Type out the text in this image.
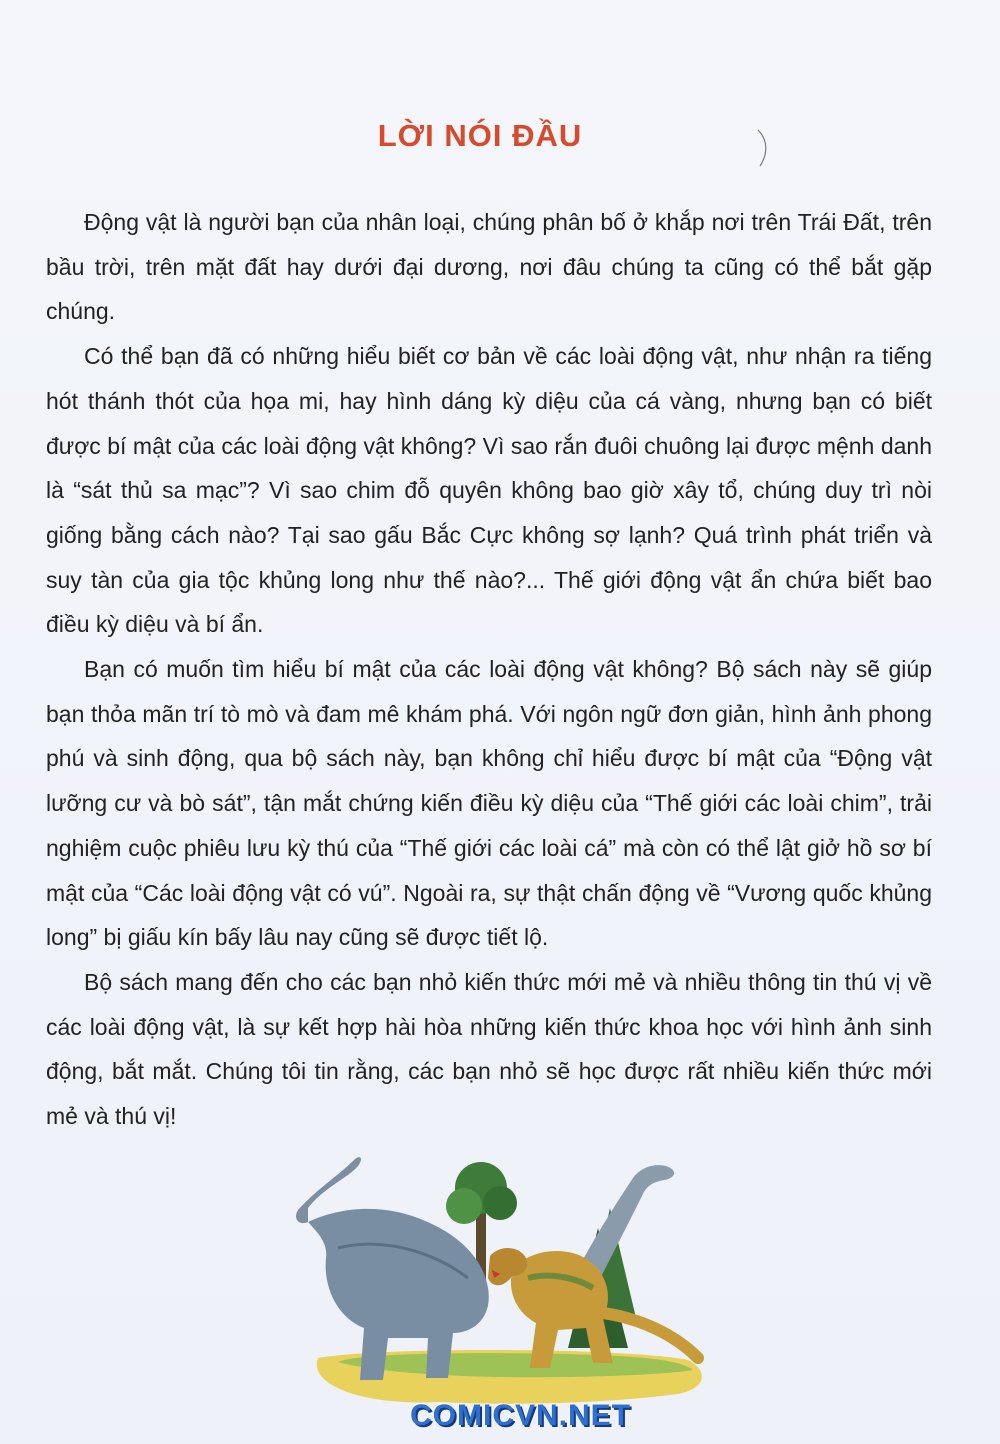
LỜI NÓI ĐẦU

Động vật là người bạn của nhân loại, chúng phân bố ở khắp nơi trên Trái Đất, trên bầu trời, trên mặt đất hay dưới đại dương, nơi đâu chúng ta cũng có thể bắt gặp chúng.

Có thể bạn đã có những hiểu biết cơ bản về các loài động vật, như nhận ra tiếng hót thánh thót của họa mi, hay hình dáng kỳ diệu của cá vàng, nhưng bạn có biết được bí mật của các loài động vật không? Vì sao rắn đuôi chuông lại được mệnh danh là “sát thủ sa mạc”? Vì sao chim đỗ quyên không bao giờ xây tổ, chúng duy trì nòi giống bằng cách nào? Tại sao gấu Bắc Cực không sợ lạnh? Quá trình phát triển và suy tàn của gia tộc khủng long như thế nào?... Thế giới động vật ẩn chứa biết bao điều kỳ diệu và bí ẩn.

Bạn có muốn tìm hiểu bí mật của các loài động vật không? Bộ sách này sẽ giúp bạn thỏa mãn trí tò mò và đam mê khám phá. Với ngôn ngữ đơn giản, hình ảnh phong phú và sinh động, qua bộ sách này, bạn không chỉ hiểu được bí mật của “Động vật lưỡng cư và bò sát”, tận mắt chứng kiến điều kỳ diệu của “Thế giới các loài chim”, trải nghiệm cuộc phiêu lưu kỳ thú của “Thế giới các loài cá” mà còn có thể lật giở hồ sơ bí mật của “Các loài động vật có vú”. Ngoài ra, sự thật chấn động về “Vương quốc khủng long” bị giấu kín bấy lâu nay cũng sẽ được tiết lộ.

Bộ sách mang đến cho các bạn nhỏ kiến thức mới mẻ và nhiều thông tin thú vị về các loài động vật, là sự kết hợp hài hòa những kiến thức khoa học với hình ảnh sinh động, bắt mắt. Chúng tôi tin rằng, các bạn nhỏ sẽ học được rất nhiều kiến thức mới mẻ và thú vị!

COMICVN.NET
